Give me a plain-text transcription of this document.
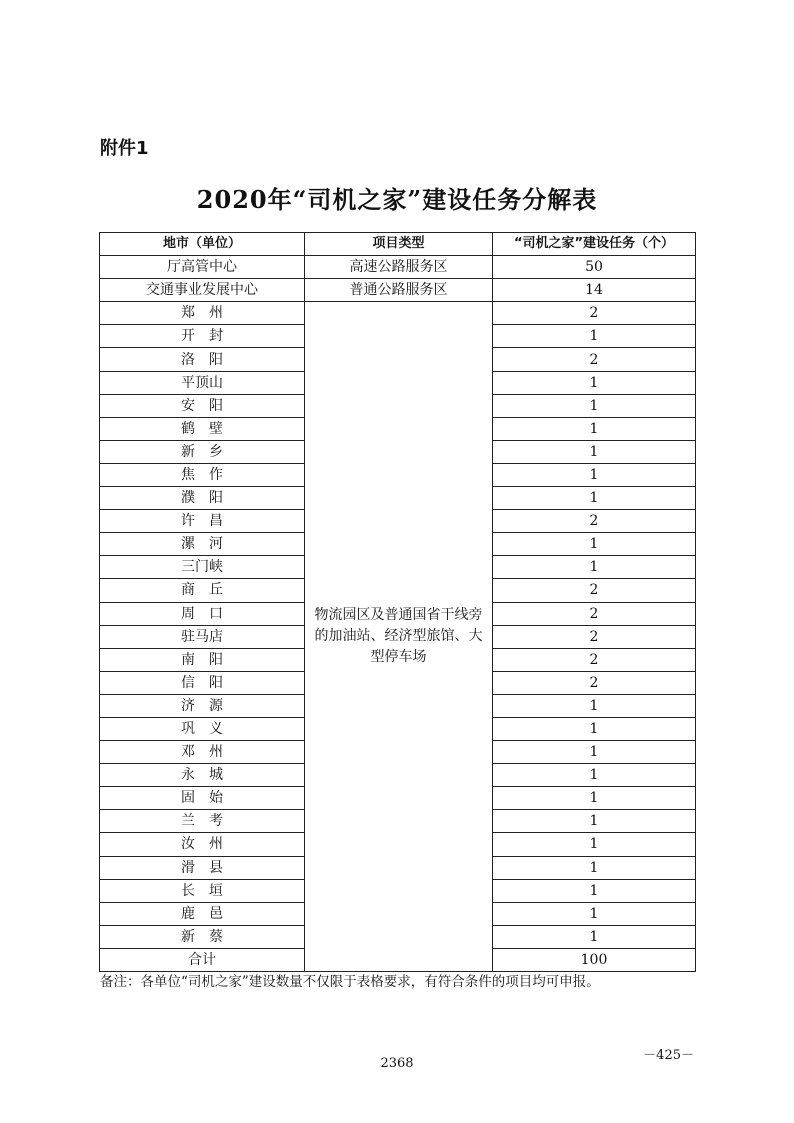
附件1
2020年“司机之家”建设任务分解表
地市（单位）	项目类型	“司机之家”建设任务（个）
厅高管中心	高速公路服务区	50
交通事业发展中心	普通公路服务区	14
郑　州	物流园区及普通国省干线旁的加油站、经济型旅馆、大型停车场	2
开　封		1
洛　阳		2
平顶山		1
安　阳		1
鹤　壁		1
新　乡		1
焦　作		1
濮　阳		1
许　昌		2
漯　河		1
三门峡		1
商　丘		2
周　口		2
驻马店		2
南　阳		2
信　阳		2
济　源		1
巩　义		1
邓　州		1
永　城		1
固　始		1
兰　考		1
汝　州		1
滑　县		1
长　垣		1
鹿　邑		1
新　蔡		1
合计		100
备注：各单位“司机之家”建设数量不仅限于表格要求，有符合条件的项目均可申报。
－425－
2368
